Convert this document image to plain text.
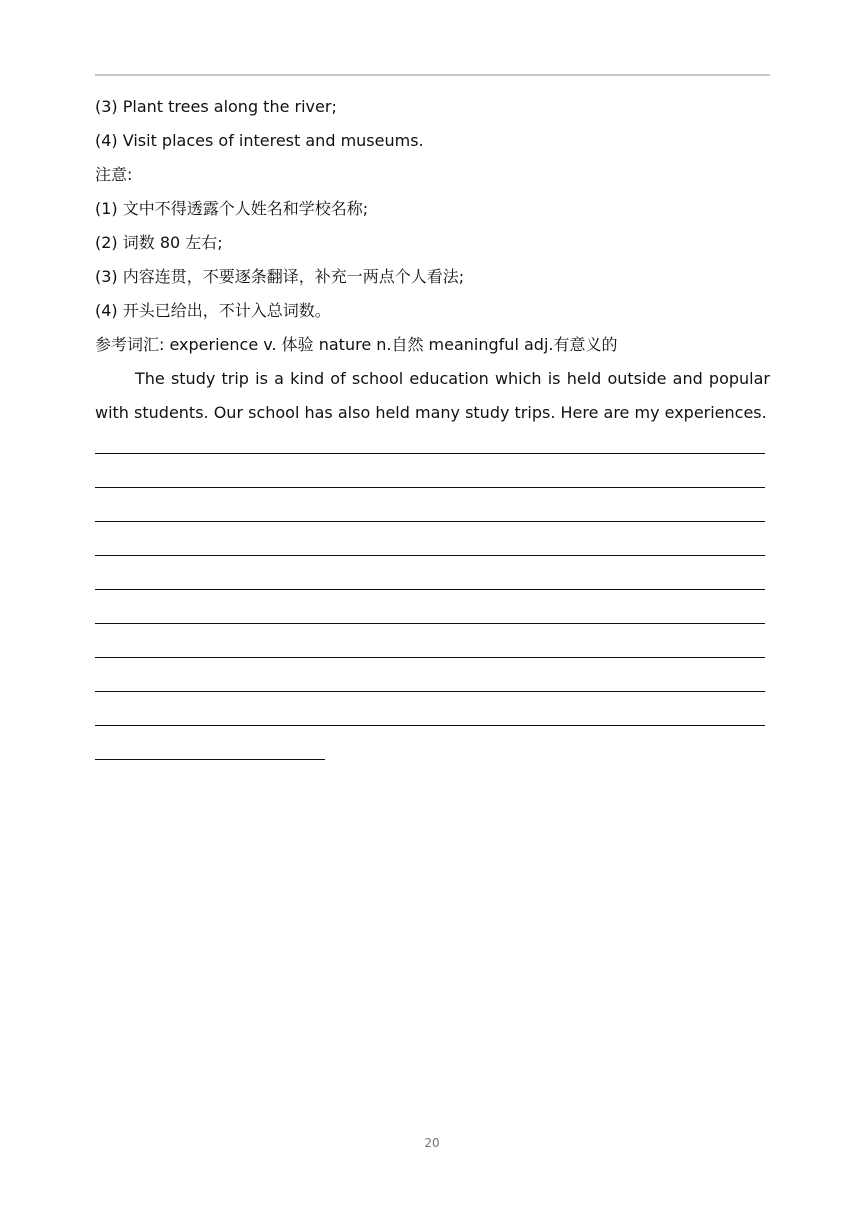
(3) Plant trees along the river;
(4) Visit places of interest and museums.
注意:
(1) 文中不得透露个人姓名和学校名称;
(2) 词数 80 左右;
(3) 内容连贯，不要逐条翻译，补充一两点个人看法;
(4) 开头已给出，不计入总词数。
参考词汇: experience v. 体验 nature n.自然 meaningful adj.有意义的

The study trip is a kind of school education which is held outside and popular with students. Our school has also held many study trips. Here are my experiences.

20
